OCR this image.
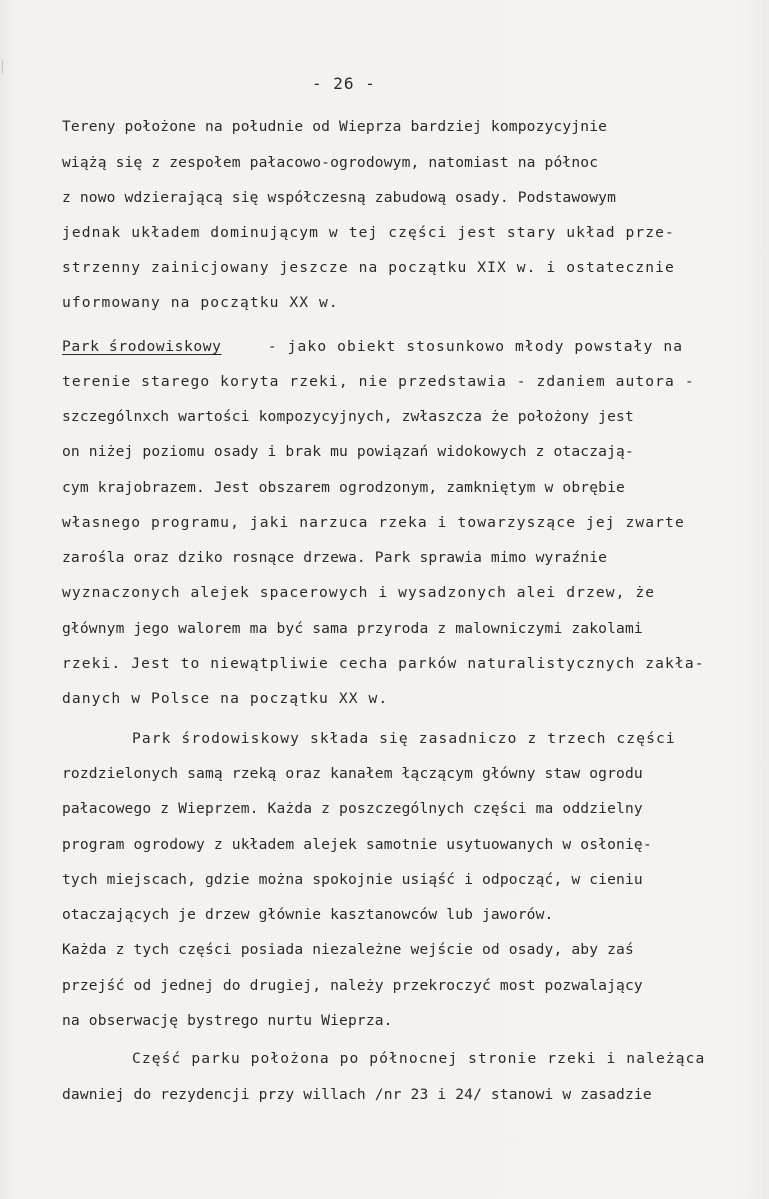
- 26 -
Tereny położone na południe od Wieprza bardziej kompozycyjnie
wiążą się z zespołem pałacowo-ogrodowym, natomiast na północ
z nowo wdzierającą się współczesną zabudową osady. Podstawowym
jednak układem dominującym w tej części jest stary układ prze-
strzenny zainicjowany jeszcze na początku XIX w. i ostatecznie
uformowany na początku XX w.
Park_środowiskowy - jako obiekt stosunkowo młody powstały na
terenie starego koryta rzeki, nie przedstawia - zdaniem autora -
szczególnxch wartości kompozycyjnych, zwłaszcza że położony jest
on niżej poziomu osady i brak mu powiązań widokowych z otaczają-
cym krajobrazem. Jest obszarem ogrodzonym, zamkniętym w obrębie
własnego programu, jaki narzuca rzeka i towarzyszące jej zwarte
zarośla oraz dziko rosnące drzewa. Park sprawia mimo wyraźnie
wyznaczonych alejek spacerowych i wysadzonych alei drzew, że
głównym jego walorem ma być sama przyroda z malowniczymi zakolami
rzeki. Jest to niewątpliwie cecha parków naturalistycznych zakła-
danych w Polsce na początku XX w.
Park środowiskowy składa się zasadniczo z trzech części
rozdzielonych samą rzeką oraz kanałem łączącym główny staw ogrodu
pałacowego z Wieprzem. Każda z poszczególnych części ma oddzielny
program ogrodowy z układem alejek samotnie usytuowanych w osłonię-
tych miejscach, gdzie można spokojnie usiąść i odpocząć, w cieniu
otaczających je drzew głównie kasztanowców lub jaworów.
Każda z tych części posiada niezależne wejście od osady, aby zaś
przejść od jednej do drugiej, należy przekroczyć most pozwalający
na obserwację bystrego nurtu Wieprza.
Część parku położona po północnej stronie rzeki i należąca
dawniej do rezydencji przy willach /nr 23 i 24/ stanowi w zasadzie
